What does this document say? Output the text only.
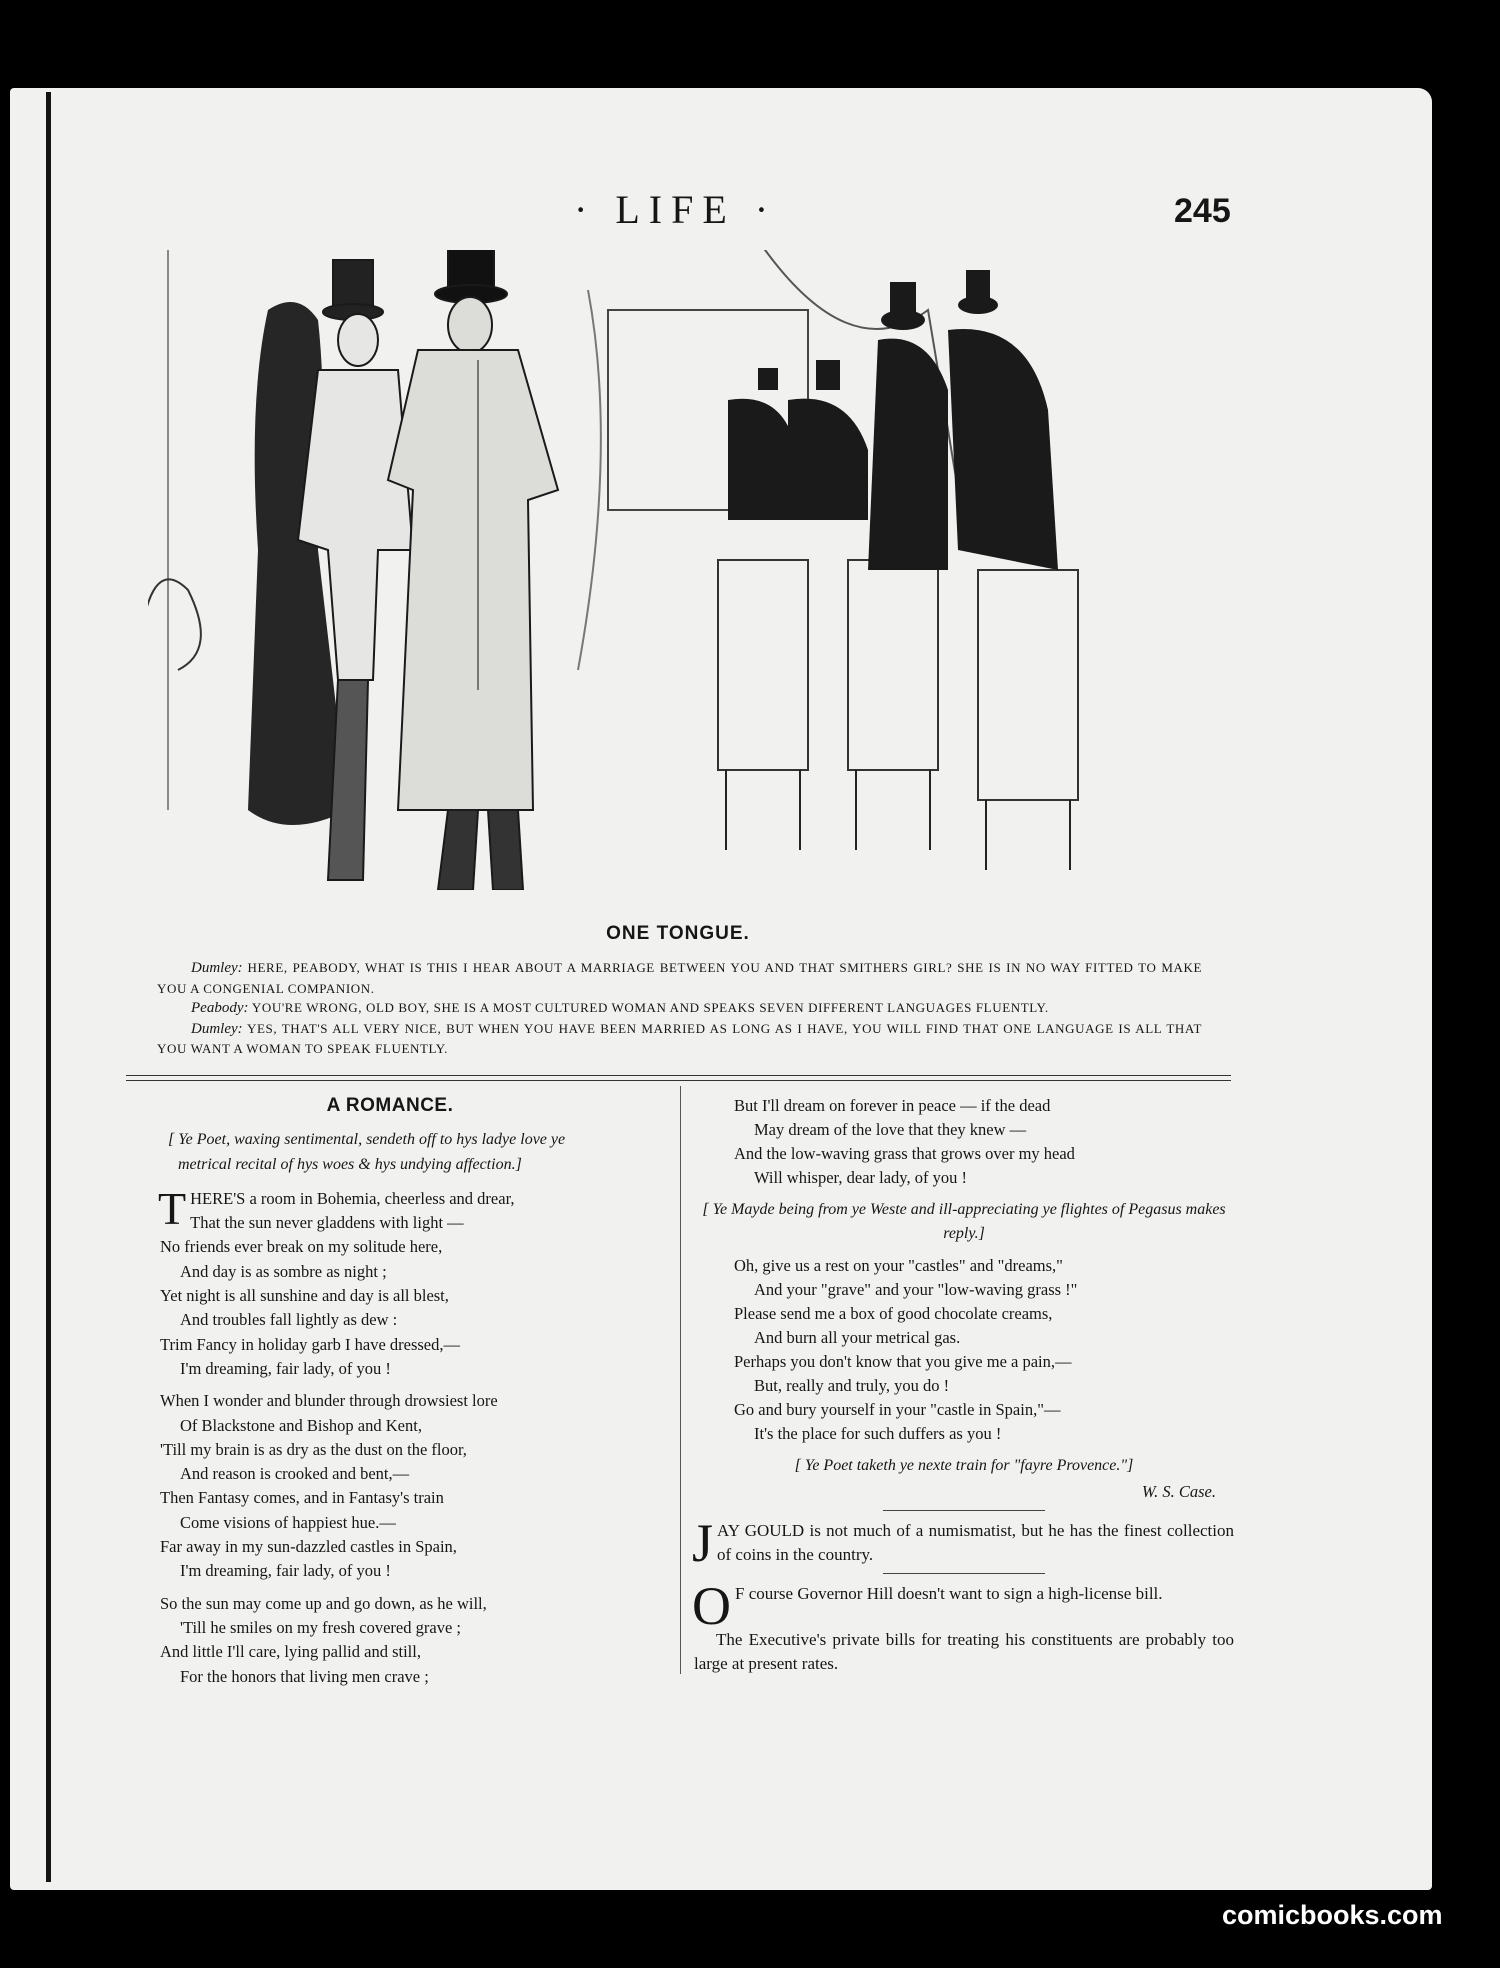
· LIFE ·	245
ONE TONGUE.

Dumley: HERE, PEABODY, WHAT IS THIS I HEAR ABOUT A MARRIAGE BETWEEN YOU AND THAT SMITHERS GIRL? SHE IS IN NO WAY FITTED TO MAKE YOU A CONGENIAL COMPANION.

Peabody: YOU'RE WRONG, OLD BOY, SHE IS A MOST CULTURED WOMAN AND SPEAKS SEVEN DIFFERENT LANGUAGES FLUENTLY.

Dumley: YES, THAT'S ALL VERY NICE, BUT WHEN YOU HAVE BEEN MARRIED AS LONG AS I HAVE, YOU WILL FIND THAT ONE LANGUAGE IS ALL THAT YOU WANT A WOMAN TO SPEAK FLUENTLY.

A ROMANCE.
[ Ye Poet, waxing sentimental, sendeth off to hys ladye love ye metrical recital of hys woes & hys undying affection.]
T HERE'S a room in Bohemia, cheerless and drear,
That the sun never gladdens with light —
No friends ever break on my solitude here,
And day is as sombre as night ;
Yet night is all sunshine and day is all blest,
And troubles fall lightly as dew :
Trim Fancy in holiday garb I have dressed,—
I'm dreaming, fair lady, of you !
When I wonder and blunder through drowsiest lore
Of Blackstone and Bishop and Kent,
'Till my brain is as dry as the dust on the floor,
And reason is crooked and bent,—
Then Fantasy comes, and in Fantasy's train
Come visions of happiest hue.—
Far away in my sun-dazzled castles in Spain,
I'm dreaming, fair lady, of you !
So the sun may come up and go down, as he will,
'Till he smiles on my fresh covered grave ;
And little I'll care, lying pallid and still,
For the honors that living men crave ;
But I'll dream on forever in peace — if the dead
May dream of the love that they knew —
And the low-waving grass that grows over my head
Will whisper, dear lady, of you !
[ Ye Mayde being from ye Weste and ill-appreciating ye flightes of Pegasus makes reply.]
Oh, give us a rest on your "castles" and "dreams,"
And your "grave" and your "low-waving grass !"
Please send me a box of good chocolate creams,
And burn all your metrical gas.
Perhaps you don't know that you give me a pain,—
But, really and truly, you do !
Go and bury yourself in your "castle in Spain,"—
It's the place for such duffers as you !
[ Ye Poet taketh ye nexte train for "fayre Provence."]
W. S. Case.

JAY GOULD is not much of a numismatist, but he has the finest collection of coins in the country.

O F course Governor Hill doesn't want to sign a high-license bill.

The Executive's private bills for treating his constituents are probably too large at present rates.

comicbooks.com
